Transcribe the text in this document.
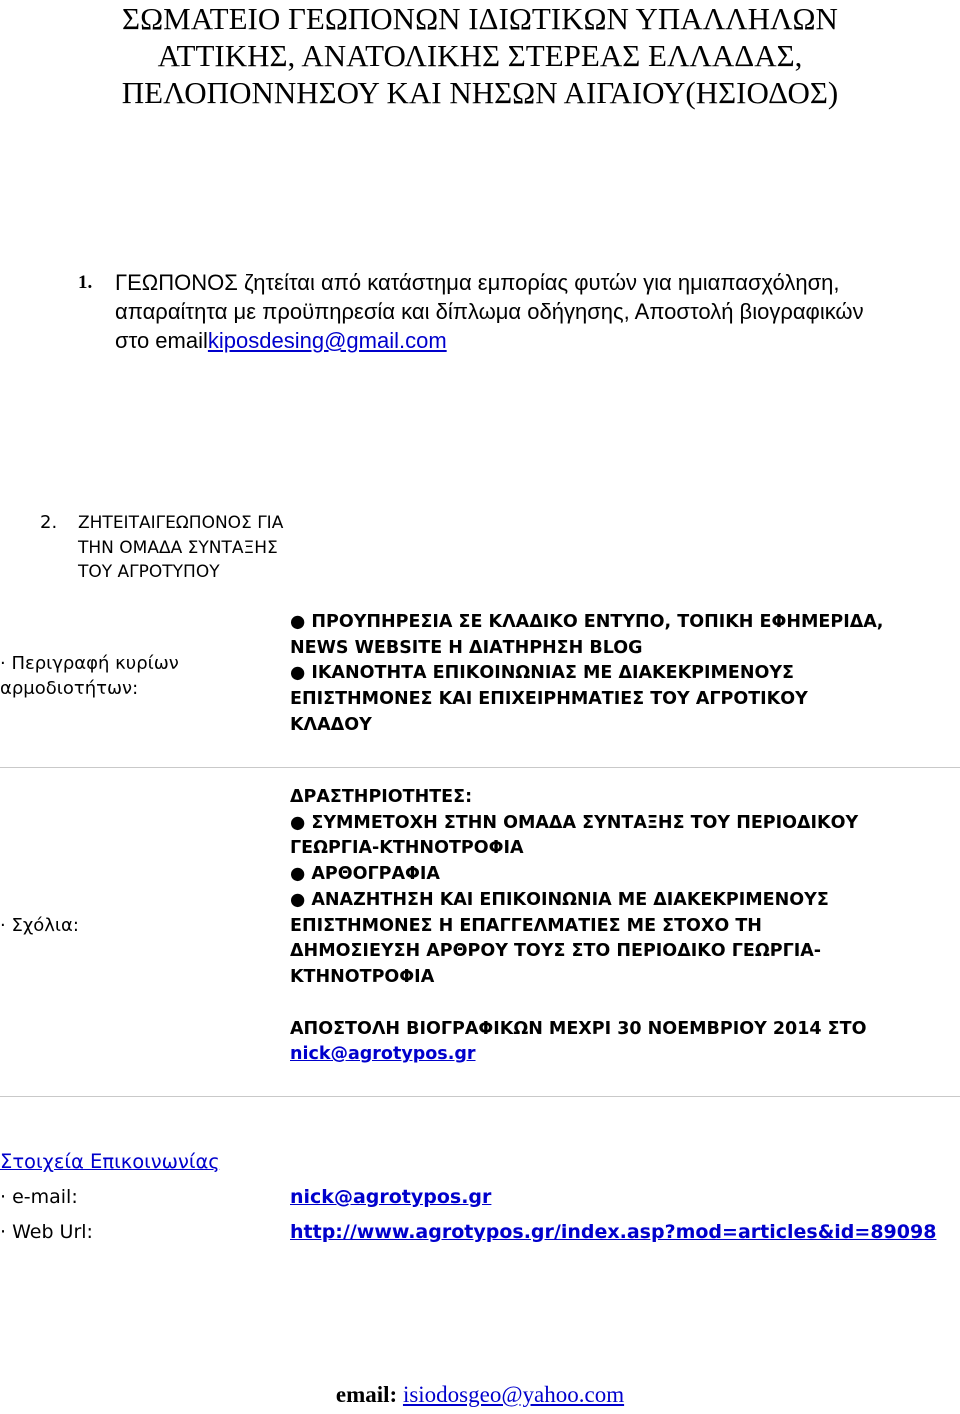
ΣΩΜΑΤΕΙΟ ΓΕΩΠΟΝΩΝ ΙΔΙΩΤΙΚΩΝ ΥΠΑΛΛΗΛΩΝ
ΑΤΤΙΚΗΣ, ΑΝΑΤΟΛΙΚΗΣ ΣΤΕΡΕΑΣ ΕΛΛΑΔΑΣ,
ΠΕΛΟΠΟΝΝΗΣΟΥ ΚΑΙ ΝΗΣΩΝ ΑΙΓΑΙΟΥ(ΗΣΙΟΔΟΣ)
1. ΓΕΩΠΟΝΟΣ ζητείται από κατάστημα εμπορίας φυτών για ημιαπασχόληση, απαραίτητα με προϋπηρεσία και δίπλωμα οδήγησης, Αποστολή βιογραφικών στο emailkiposdesing@gmail.com
2. ΖΗΤΕΙΤΑΙΓΕΩΠΟΝΟΣ ΓΙΑ ΤΗΝ ΟΜΑΔΑ ΣΥΝΤΑΞΗΣ ΤΟΥ ΑΓΡΟΤΥΠΟΥ
· Περιγραφή κυρίων αρμοδιοτήτων:
● ΠΡΟΥΠΗΡΕΣΙΑ ΣΕ ΚΛΑΔΙΚΟ ΕΝΤΥΠΟ, ΤΟΠΙΚΗ ΕΦΗΜΕΡΙΔΑ,
NEWS WEBSITE Η ΔΙΑΤΗΡΗΣΗ BLOG
● ΙΚΑΝΟΤΗΤΑ ΕΠΙΚΟΙΝΩΝΙΑΣ ΜΕ ΔΙΑΚΕΚΡΙΜΕΝΟΥΣ
ΕΠΙΣΤΗΜΟΝΕΣ ΚΑΙ ΕΠΙΧΕΙΡΗΜΑΤΙΕΣ ΤΟΥ ΑΓΡΟΤΙΚΟΥ
ΚΛΑΔΟΥ
· Σχόλια:
ΔΡΑΣΤΗΡΙΟΤΗΤΕΣ:
● ΣΥΜΜΕΤΟΧΗ ΣΤΗΝ ΟΜΑΔΑ ΣΥΝΤΑΞΗΣ ΤΟΥ ΠΕΡΙΟΔΙΚΟΥ
ΓΕΩΡΓΙΑ-ΚΤΗΝΟΤΡΟΦΙΑ
● ΑΡΘΟΓΡΑΦΙΑ
● ΑΝΑΖΗΤΗΣΗ ΚΑΙ ΕΠΙΚΟΙΝΩΝΙΑ ΜΕ ΔΙΑΚΕΚΡΙΜΕΝΟΥΣ
ΕΠΙΣΤΗΜΟΝΕΣ Η ΕΠΑΓΓΕΛΜΑΤΙΕΣ ΜΕ ΣΤΟΧΟ ΤΗ
ΔΗΜΟΣΙΕΥΣΗ ΑΡΘΡΟΥ ΤΟΥΣ ΣΤΟ ΠΕΡΙΟΔΙΚΟ ΓΕΩΡΓΙΑ-
ΚΤΗΝΟΤΡΟΦΙΑ
ΑΠΟΣΤΟΛΗ ΒΙΟΓΡΑΦΙΚΩΝ ΜΕΧΡΙ 30 ΝΟΕΜΒΡΙΟΥ 2014 ΣΤΟ
nick@agrotypos.gr
Στοιχεία Επικοινωνίας
· e-mail:	nick@agrotypos.gr
· Web Url:	http://www.agrotypos.gr/index.asp?mod=articles&id=89098
email: isiodosgeo@yahoo.com
